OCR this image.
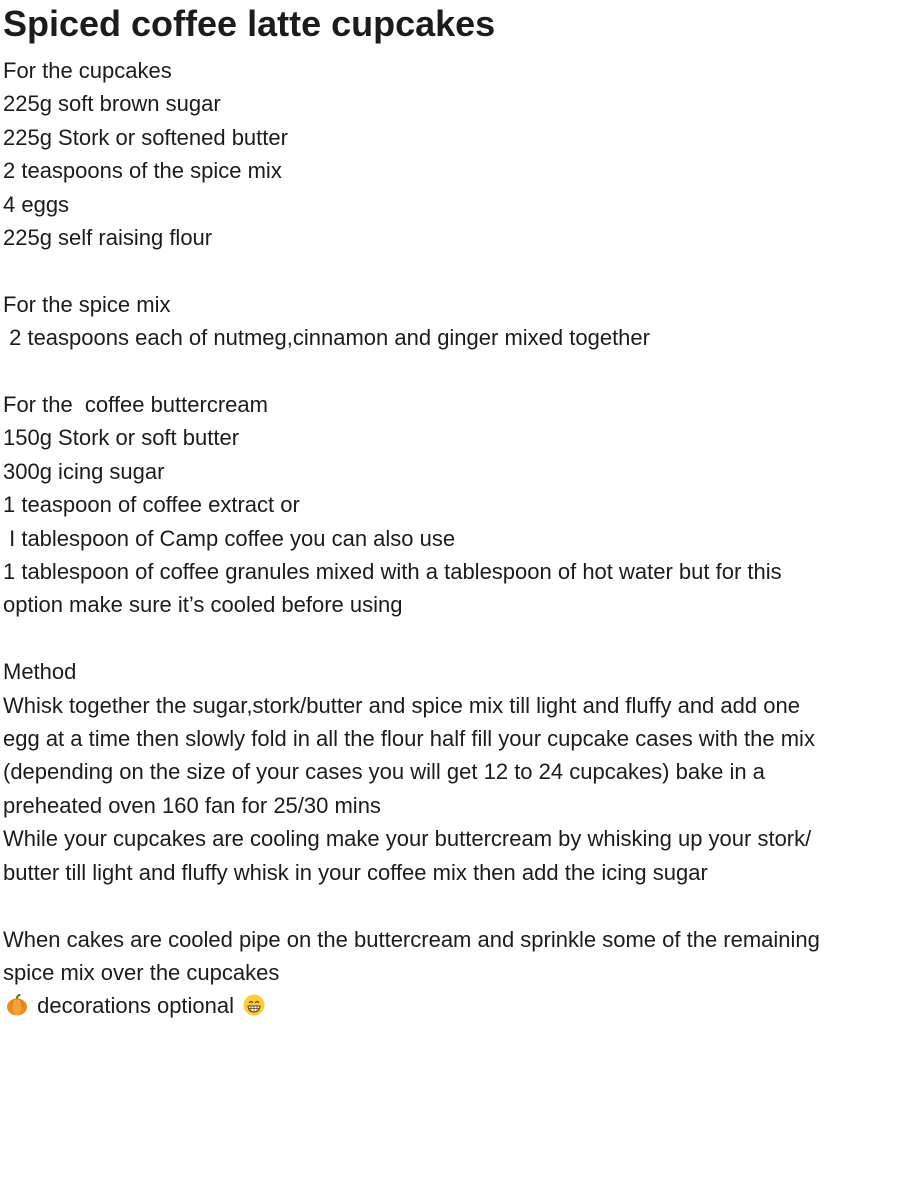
Spiced coffee latte cupcakes
For the cupcakes
225g soft brown sugar
225g Stork or softened butter
2 teaspoons of the spice mix
4 eggs
225g self raising flour
For the spice mix
2 teaspoons each of nutmeg,cinnamon and ginger mixed together
For the  coffee buttercream
150g Stork or soft butter
300g icing sugar
1 teaspoon of coffee extract or
I tablespoon of Camp coffee you can also use
1 tablespoon of coffee granules mixed with a tablespoon of hot water but for this
option make sure it’s cooled before using
Method
Whisk together the sugar,stork/butter and spice mix till light and fluffy and add one
egg at a time then slowly fold in all the flour half fill your cupcake cases with the mix
(depending on the size of your cases you will get 12 to 24 cupcakes) bake in a
preheated oven 160 fan for 25/30 mins
While your cupcakes are cooling make your buttercream by whisking up your stork/
butter till light and fluffy whisk in your coffee mix then add the icing sugar
When cakes are cooled pipe on the buttercream and sprinkle some of the remaining
spice mix over the cupcakes
decorations optional
